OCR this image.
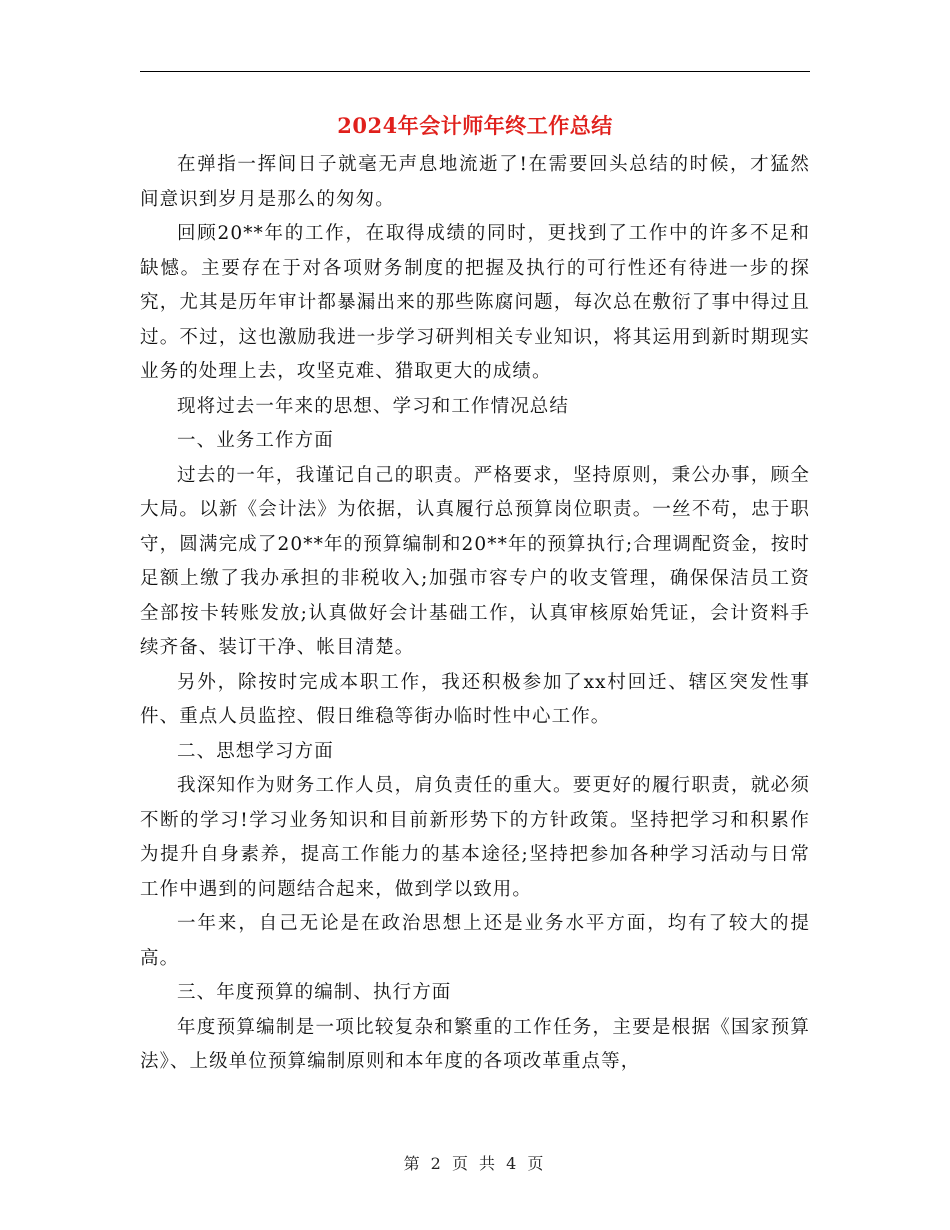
2024年会计师年终工作总结

在弹指一挥间日子就毫无声息地流逝了!在需要回头总结的时候，才猛然间意识到岁月是那么的匆匆。

回顾20**年的工作，在取得成绩的同时，更找到了工作中的许多不足和缺憾。主要存在于对各项财务制度的把握及执行的可行性还有待进一步的探究，尤其是历年审计都暴漏出来的那些陈腐问题，每次总在敷衍了事中得过且过。不过，这也激励我进一步学习研判相关专业知识，将其运用到新时期现实业务的处理上去，攻坚克难、猎取更大的成绩。

现将过去一年来的思想、学习和工作情况总结

一、业务工作方面

过去的一年，我谨记自己的职责。严格要求，坚持原则，秉公办事，顾全大局。以新《会计法》为依据，认真履行总预算岗位职责。一丝不苟，忠于职守，圆满完成了20**年的预算编制和20**年的预算执行;合理调配资金，按时足额上缴了我办承担的非税收入;加强市容专户的收支管理，确保保洁员工资全部按卡转账发放;认真做好会计基础工作，认真审核原始凭证，会计资料手续齐备、装订干净、帐目清楚。

另外，除按时完成本职工作，我还积极参加了xx村回迁、辖区突发性事件、重点人员监控、假日维稳等街办临时性中心工作。

二、思想学习方面

我深知作为财务工作人员，肩负责任的重大。要更好的履行职责，就必须不断的学习!学习业务知识和目前新形势下的方针政策。坚持把学习和积累作为提升自身素养，提高工作能力的基本途径;坚持把参加各种学习活动与日常工作中遇到的问题结合起来，做到学以致用。

一年来，自己无论是在政治思想上还是业务水平方面，均有了较大的提高。

三、年度预算的编制、执行方面

年度预算编制是一项比较复杂和繁重的工作任务，主要是根据《国家预算法》、上级单位预算编制原则和本年度的各项改革重点等，

第 2 页 共 4 页
